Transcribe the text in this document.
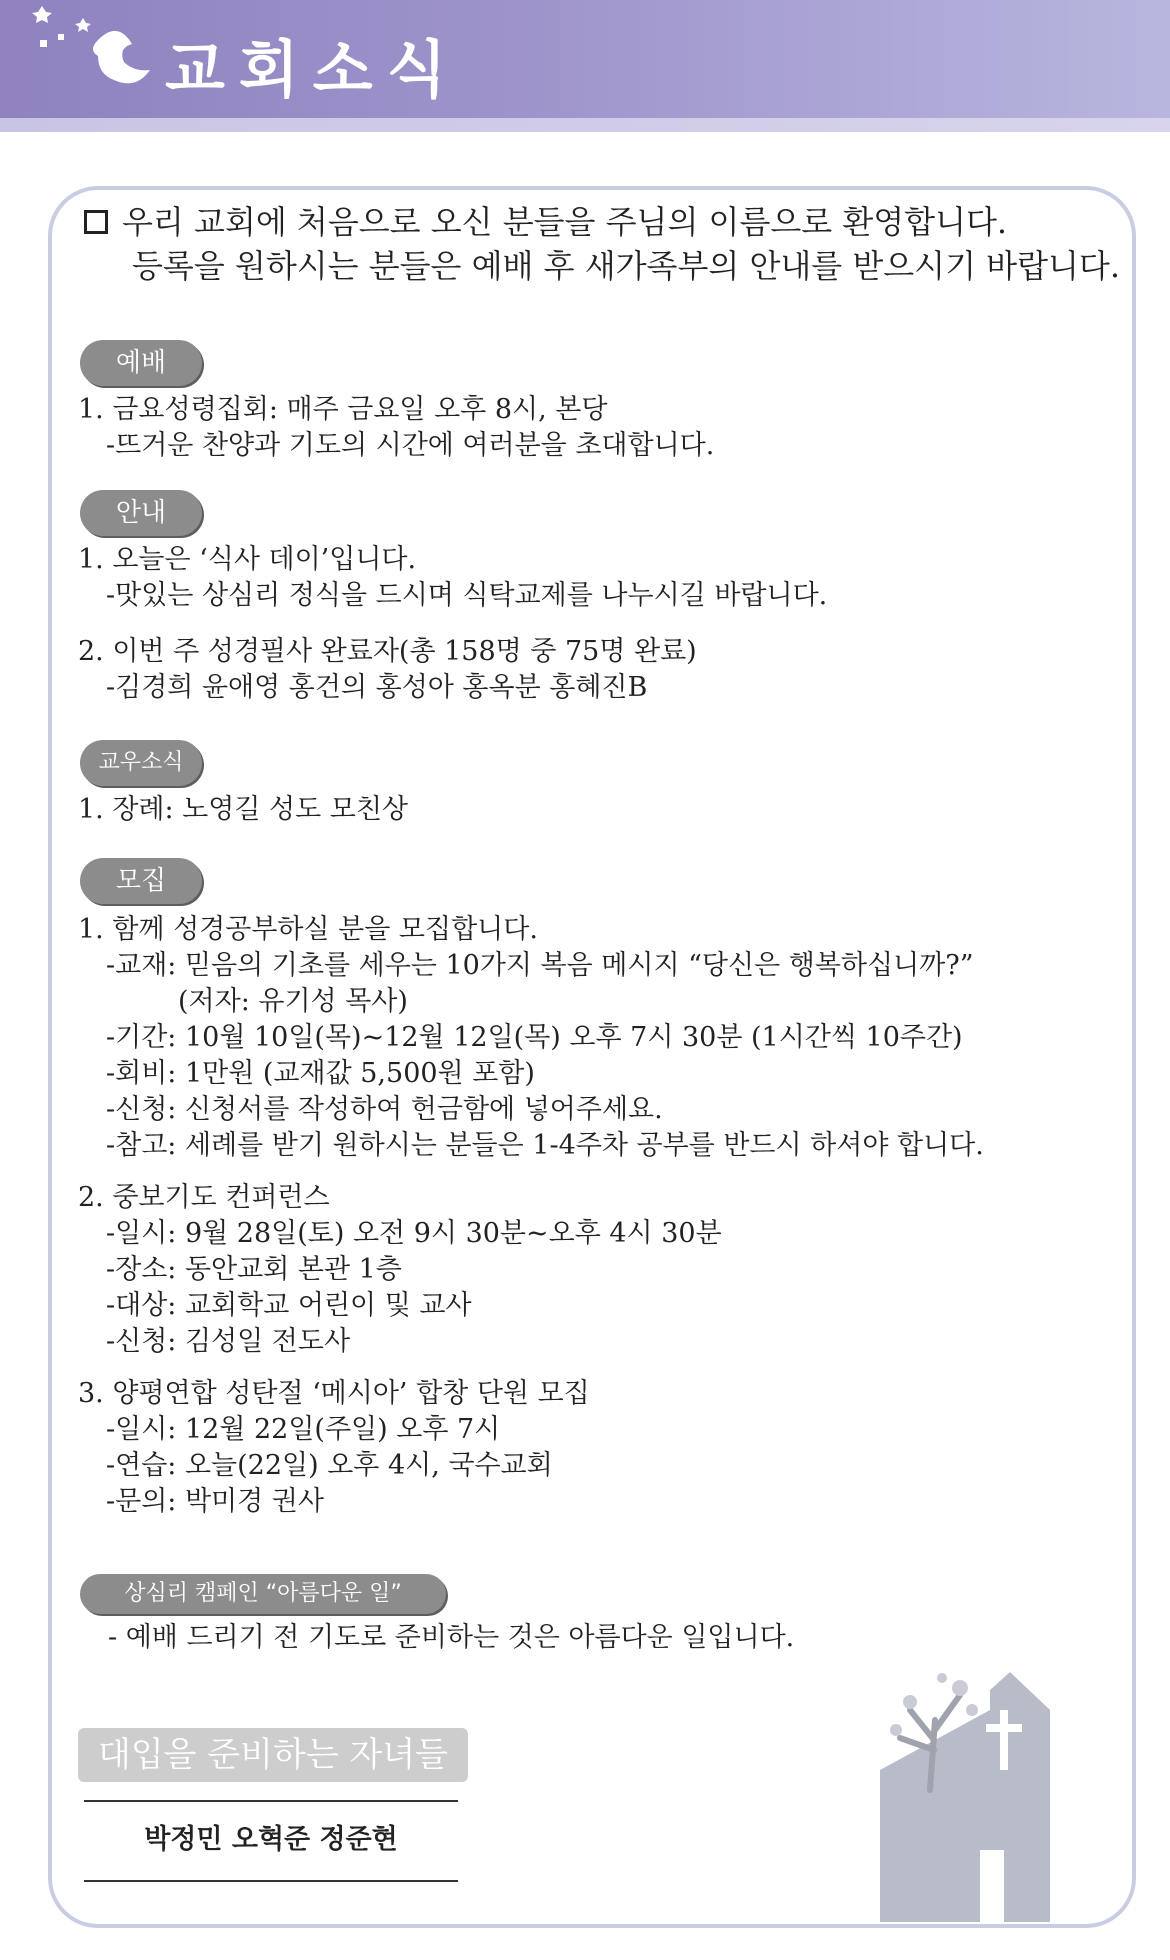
교회소식
우리 교회에 처음으로 오신 분들을 주님의 이름으로 환영합니다.
등록을 원하시는 분들은 예배 후 새가족부의 안내를 받으시기 바랍니다.
예배
1. 금요성령집회: 매주 금요일 오후 8시, 본당
-뜨거운 찬양과 기도의 시간에 여러분을 초대합니다.
안내
1. 오늘은 ‘식사 데이’입니다.
-맛있는 상심리 정식을 드시며 식탁교제를 나누시길 바랍니다.
2. 이번 주 성경필사 완료자(총 158명 중 75명 완료)
-김경희 윤애영 홍건의 홍성아 홍옥분 홍혜진B
교우소식
1. 장례: 노영길 성도 모친상
모집
1. 함께 성경공부하실 분을 모집합니다.
-교재: 믿음의 기초를 세우는 10가지 복음 메시지 “당신은 행복하십니까?”
(저자: 유기성 목사)
-기간: 10월 10일(목)~12월 12일(목) 오후 7시 30분 (1시간씩 10주간)
-회비: 1만원 (교재값 5,500원 포함)
-신청: 신청서를 작성하여 헌금함에 넣어주세요.
-참고: 세례를 받기 원하시는 분들은 1-4주차 공부를 반드시 하셔야 합니다.
2. 중보기도 컨퍼런스
-일시: 9월 28일(토) 오전 9시 30분~오후 4시 30분
-장소: 동안교회 본관 1층
-대상: 교회학교 어린이 및 교사
-신청: 김성일 전도사
3. 양평연합 성탄절 ‘메시아’ 합창 단원 모집
-일시: 12월 22일(주일) 오후 7시
-연습: 오늘(22일) 오후 4시, 국수교회
-문의: 박미경 권사
상심리 캠페인 “아름다운 일”
- 예배 드리기 전 기도로 준비하는 것은 아름다운 일입니다.
대입을 준비하는 자녀들
박정민 오혁준 정준현
